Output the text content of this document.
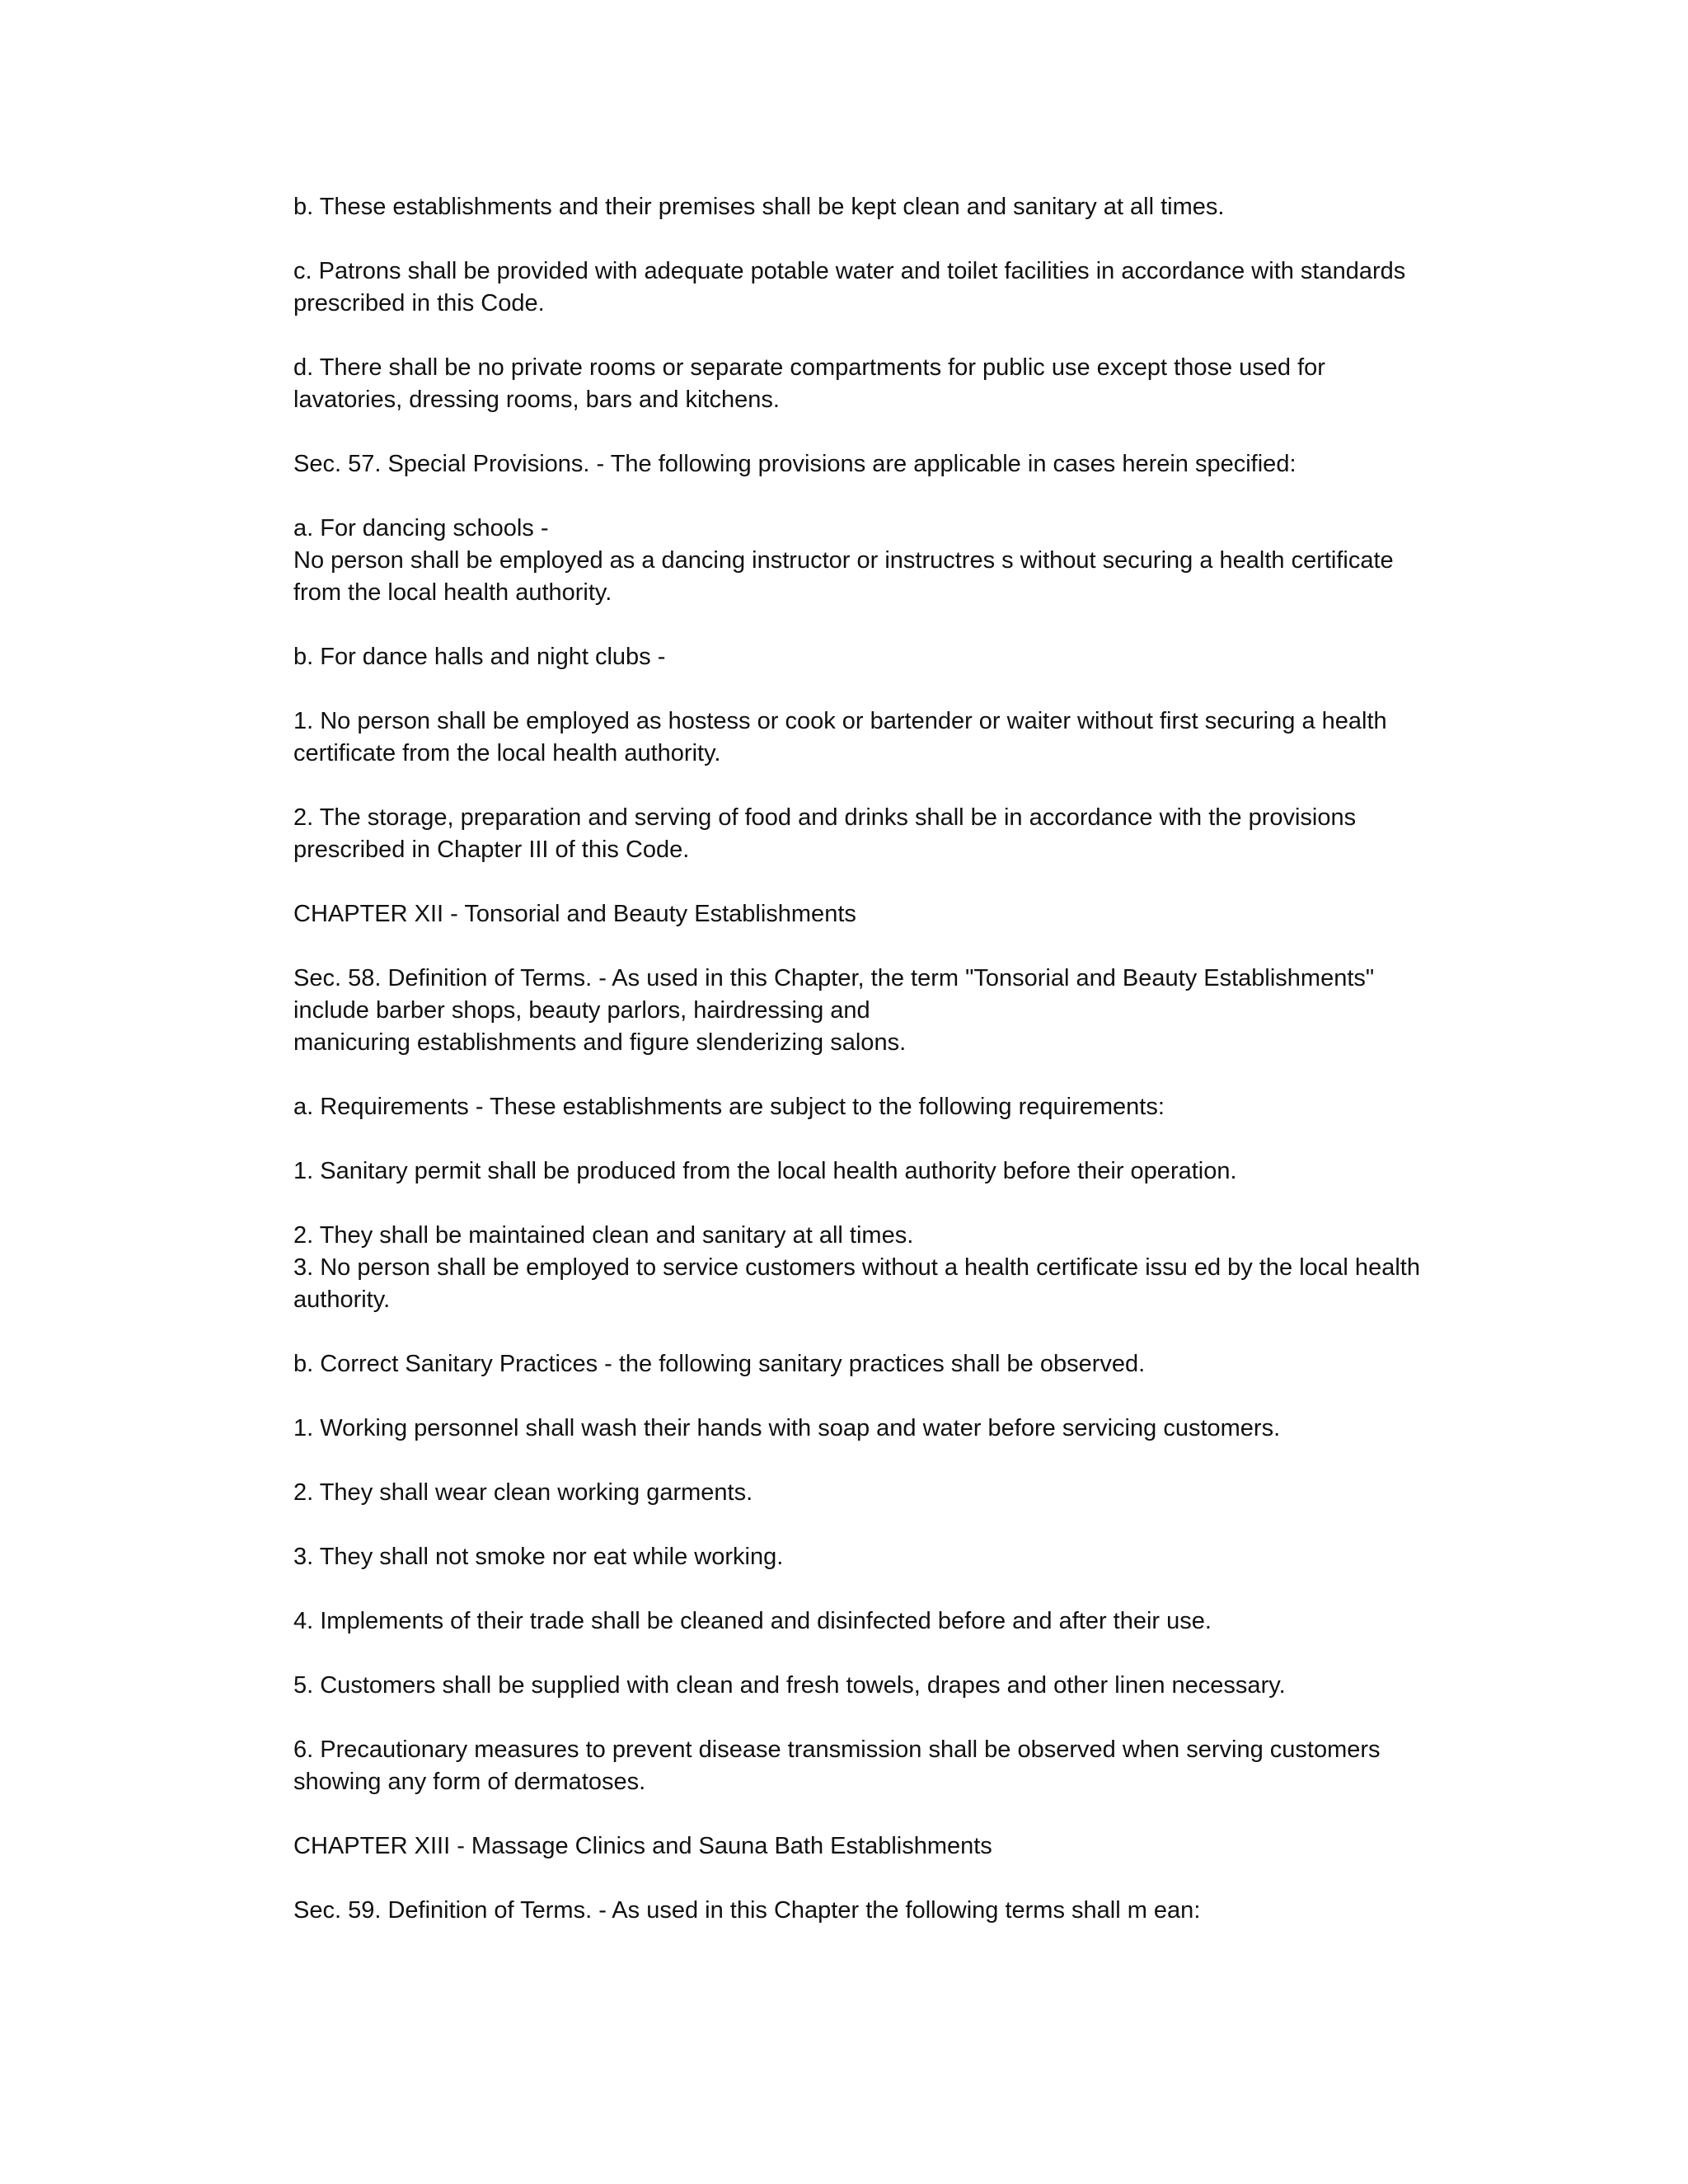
b. These establishments and their premises shall be kept clean and sanitary at all times.

c. Patrons shall be provided with adequate potable water and toilet facilities in accordance with standards
prescribed in this Code.

d. There shall be no private rooms or separate compartments for public use except those used for
lavatories, dressing rooms, bars and kitchens.

Sec. 57. Special Provisions. - The following provisions are applicable in cases herein specified:

a. For dancing schools -
No person shall be employed as a dancing instructor or instructres s without securing a health certificate
from the local health authority.

b. For dance halls and night clubs -

1. No person shall be employed as hostess or cook or bartender or waiter without first securing a health
certificate from the local health authority.

2. The storage, preparation and serving of food and drinks shall be in accordance with the provisions
prescribed in Chapter III of this Code.

CHAPTER XII - Tonsorial and Beauty Establishments

Sec. 58. Definition of Terms. - As used in this Chapter, the term "Tonsorial and Beauty Establishments"
include barber shops, beauty parlors, hairdressing and
manicuring establishments and figure slenderizing salons.

a. Requirements - These establishments are subject to the following requirements:

1. Sanitary permit shall be produced from the local health authority before their operation.

2. They shall be maintained clean and sanitary at all times.
3. No person shall be employed to service customers without a health certificate issu ed by the local health
authority.

b. Correct Sanitary Practices - the following sanitary practices shall be observed.

1. Working personnel shall wash their hands with soap and water before servicing customers.

2. They shall wear clean working garments.

3. They shall not smoke nor eat while working.

4. Implements of their trade shall be cleaned and disinfected before and after their use.

5. Customers shall be supplied with clean and fresh towels, drapes and other linen necessary.

6. Precautionary measures to prevent disease transmission shall be observed when serving customers
showing any form of dermatoses.

CHAPTER XIII - Massage Clinics and Sauna Bath Establishments

Sec. 59. Definition of Terms. - As used in this Chapter the following terms shall m ean:
